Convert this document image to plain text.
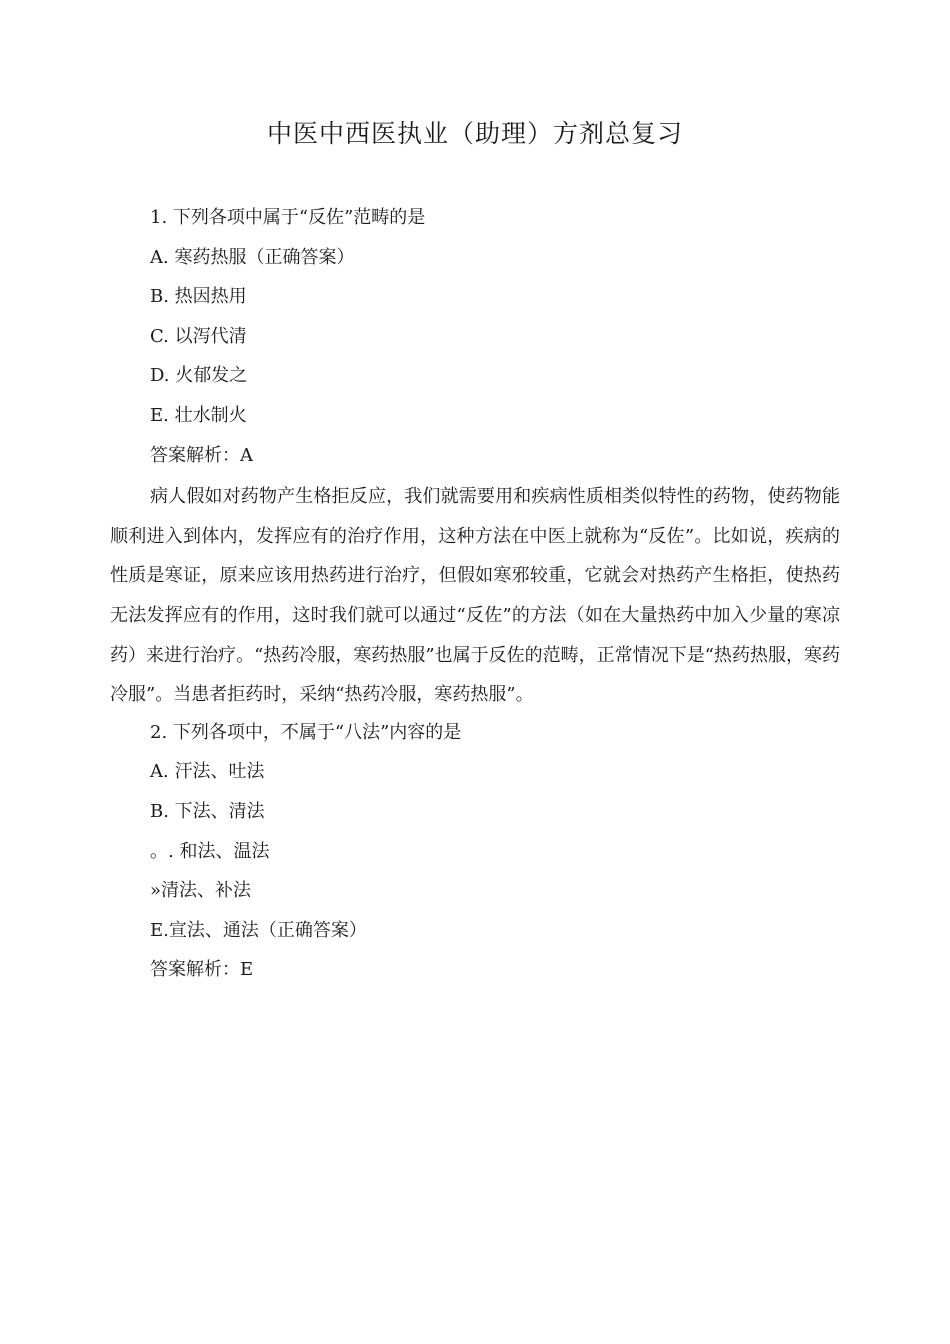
中医中西医执业（助理）方剂总复习
1. 下列各项中属于“反佐”范畴的是
A. 寒药热服（正确答案）
B. 热因热用
C. 以泻代清
D. 火郁发之
E. 壮水制火
答案解析：A
病人假如对药物产生格拒反应，我们就需要用和疾病性质相类似特性的药物，使药物能顺利进入到体内，发挥应有的治疗作用，这种方法在中医上就称为“反佐”。比如说，疾病的性质是寒证，原来应该用热药进行治疗，但假如寒邪较重，它就会对热药产生格拒，使热药无法发挥应有的作用，这时我们就可以通过“反佐”的方法（如在大量热药中加入少量的寒凉药）来进行治疗。“热药冷服，寒药热服”也属于反佐的范畴，正常情况下是“热药热服，寒药冷服”。当患者拒药时，采纳“热药冷服，寒药热服”。
2. 下列各项中，不属于“八法”内容的是
A. 汗法、吐法
B. 下法、清法
。. 和法、温法
»清法、补法
E.宣法、通法（正确答案）
答案解析：E
